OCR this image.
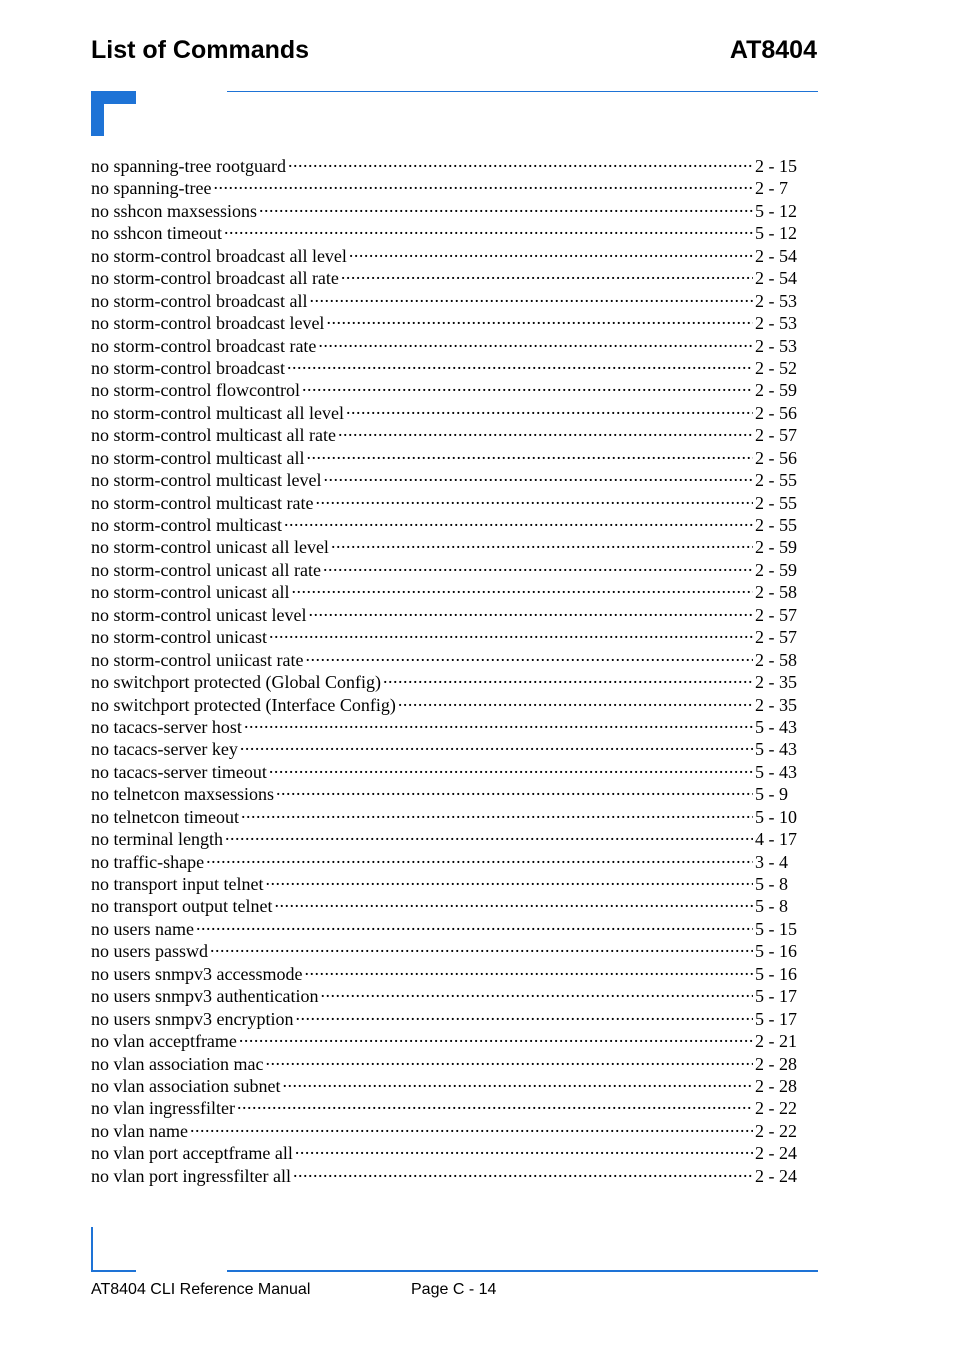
List of Commands	AT8404
no spanning-tree rootguard .....	2 - 15
no spanning-tree .....	2 - 7
no sshcon maxsessions .....	5 - 12
no sshcon timeout .....	5 - 12
no storm-control broadcast all level .....	2 - 54
no storm-control broadcast all rate .....	2 - 54
no storm-control broadcast all .....	2 - 53
no storm-control broadcast level .....	2 - 53
no storm-control broadcast rate .....	2 - 53
no storm-control broadcast .....	2 - 52
no storm-control flowcontrol .....	2 - 59
no storm-control multicast all level .....	2 - 56
no storm-control multicast all rate .....	2 - 57
no storm-control multicast all .....	2 - 56
no storm-control multicast level .....	2 - 55
no storm-control multicast rate .....	2 - 55
no storm-control multicast .....	2 - 55
no storm-control unicast all level .....	2 - 59
no storm-control unicast all rate .....	2 - 59
no storm-control unicast all .....	2 - 58
no storm-control unicast level .....	2 - 57
no storm-control unicast .....	2 - 57
no storm-control uniicast rate .....	2 - 58
no switchport protected (Global Config) .....	2 - 35
no switchport protected (Interface Config) .....	2 - 35
no tacacs-server host .....	5 - 43
no tacacs-server key .....	5 - 43
no tacacs-server timeout .....	5 - 43
no telnetcon maxsessions .....	5 - 9
no telnetcon timeout .....	5 - 10
no terminal length .....	4 - 17
no traffic-shape .....	3 - 4
no transport input telnet .....	5 - 8
no transport output telnet .....	5 - 8
no users name .....	5 - 15
no users passwd .....	5 - 16
no users snmpv3 accessmode .....	5 - 16
no users snmpv3 authentication .....	5 - 17
no users snmpv3 encryption .....	5 - 17
no vlan acceptframe .....	2 - 21
no vlan association mac .....	2 - 28
no vlan association subnet .....	2 - 28
no vlan ingressfilter .....	2 - 22
no vlan name .....	2 - 22
no vlan port acceptframe all .....	2 - 24
no vlan port ingressfilter all .....	2 - 24
AT8404 CLI Reference Manual	Page C - 14
